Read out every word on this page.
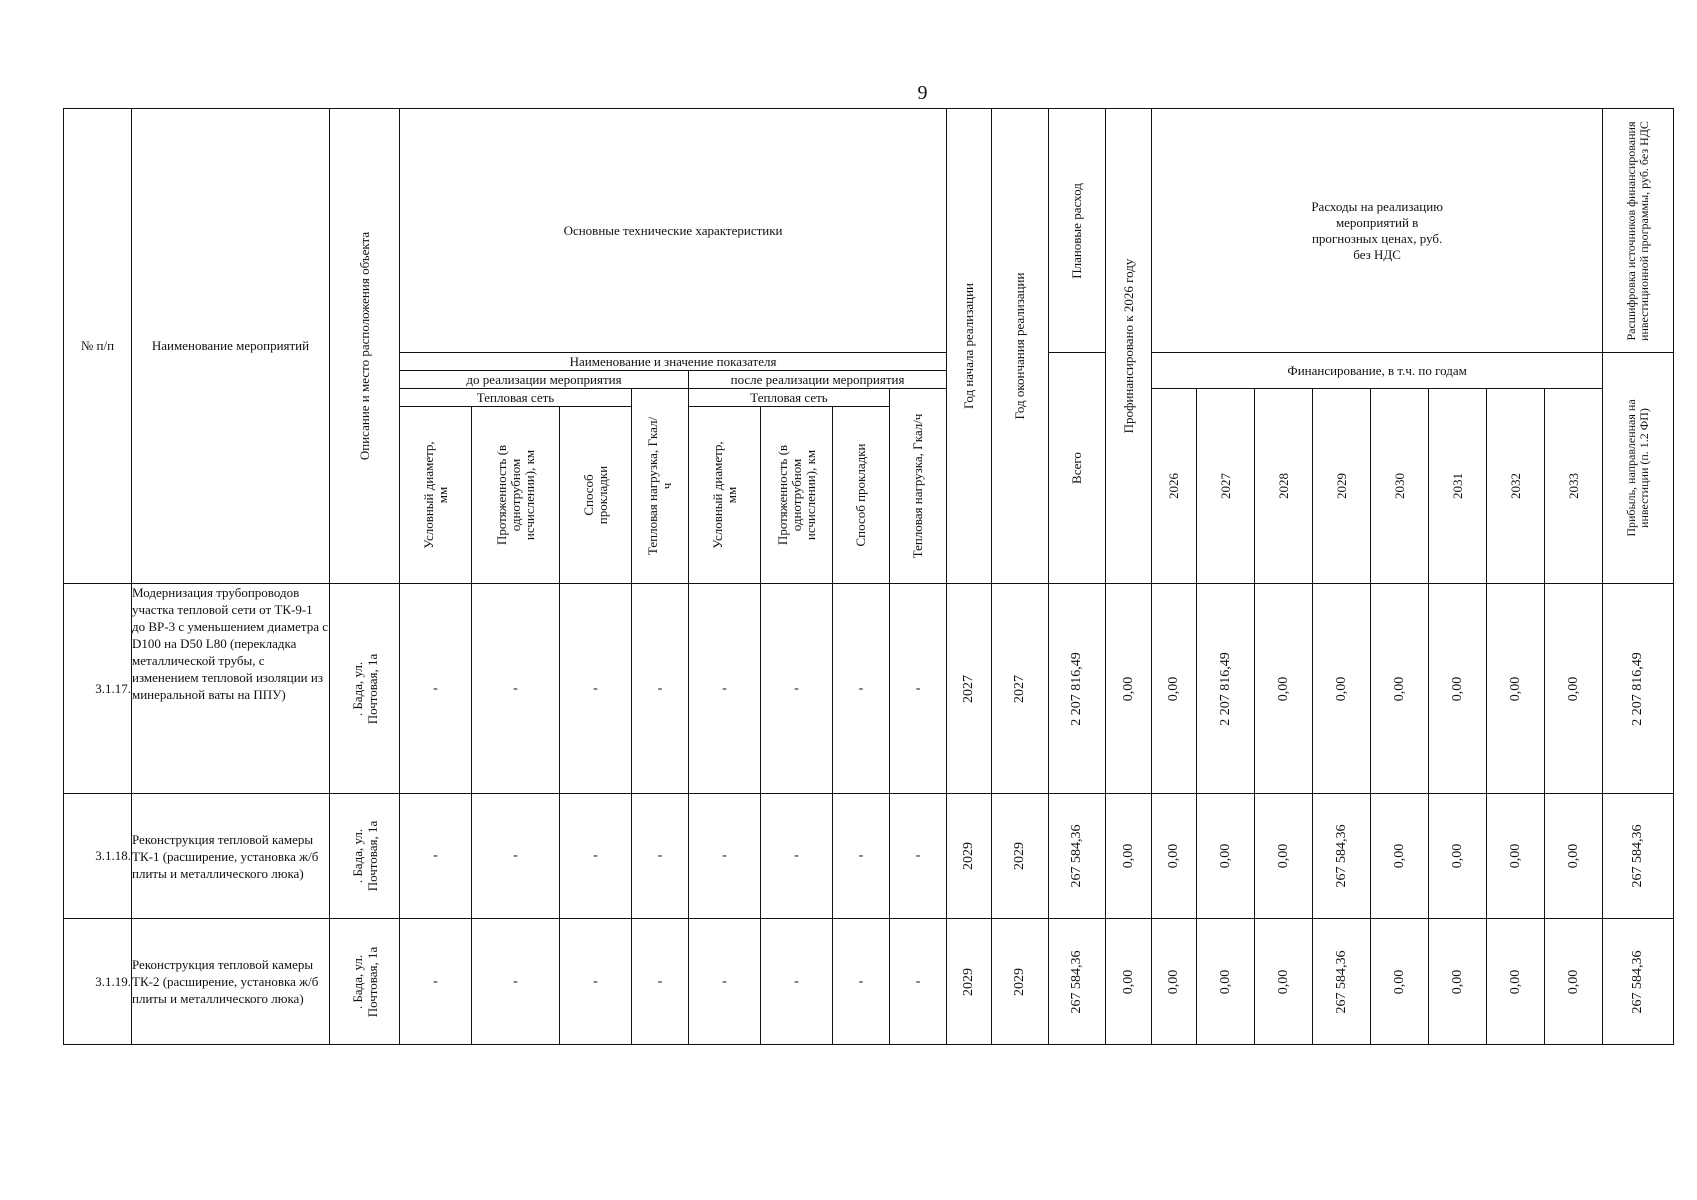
9
№ п/п	Наименование мероприятий	Описание и место расположения объекта	Основные технические характеристики								Год начала реализации	Год окончания реализации	Плановые расход	Профинансировано к 2026 году	Расходы на реализацию мероприятий в прогнозных ценах, руб. без НДС								Расшифровка источников финансирования инвестиционной программы, руб. без НДС

			Наименование и значение показателя										Всего		Финансирование, в т.ч. по годам								Прибыль, направленная на инвестиции (п. 1.2 ФП)

			до реализации мероприятия				после реализации мероприятия																
			Тепловая сеть			Тепловая нагрузка, Гкал/ч	Тепловая сеть			Тепловая нагрузка, Гкал/ч					2026	2027	2028	2029	2030	2031	2032	2033	

			Условный диаметр, мм	Протяженность (в однотрубном исчислении), км	Способ прокладки		Условный диаметр, мм	Протяженность (в однотрубном исчислении), км	Способ прокладки														

3.1.17.	Модернизация трубопроводов участка тепловой сети от ТК-9-1 до ВР-3 с уменьшением диаметра с D100 на D50 L80 (перекладка металлической трубы, с изменением тепловой изоляции из минеральной ваты на ППУ)	. Бада, ул. Почтовая, 1а	-	-	-	-	-	-	-	-	2027	2027	2 207 816,49	0,00	0,00	2 207 816,49	0,00	0,00	0,00	0,00	0,00	0,00	2 207 816,49

3.1.18.	Реконструкция тепловой камеры ТК-1 (расширение, установка ж/б плиты и металлического люка)	. Бада, ул. Почтовая, 1а	-	-	-	-	-	-	-	-	2029	2029	267 584,36	0,00	0,00	0,00	0,00	267 584,36	0,00	0,00	0,00	0,00	267 584,36

3.1.19.	Реконструкция тепловой камеры ТК-2 (расширение, установка ж/б плиты и металлического люка)	. Бада, ул. Почтовая, 1а	-	-	-	-	-	-	-	-	2029	2029	267 584,36	0,00	0,00	0,00	0,00	267 584,36	0,00	0,00	0,00	0,00	267 584,36
